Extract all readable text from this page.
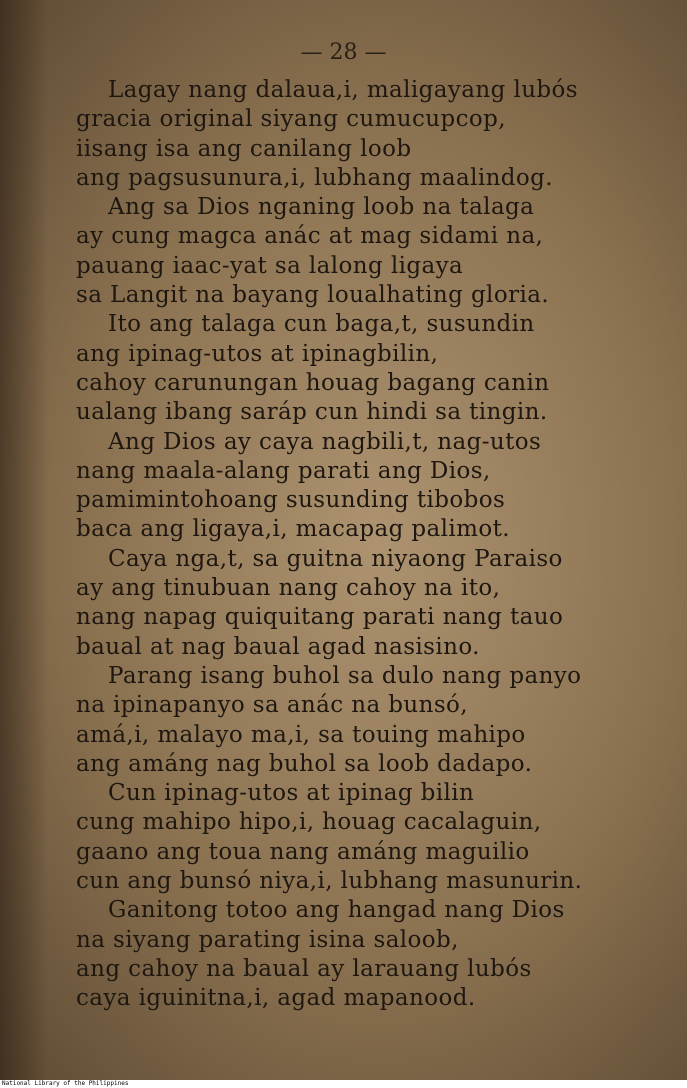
— 28 —
Lagay nang dalaua,i, maligayang lubós
gracia original siyang cumucupcop,
iisang isa ang canilang loob
ang pagsusunura,i, lubhang maalindog.
Ang sa Dios nganing loob na talaga
ay cung magca anác at mag sidami na,
pauang iaac-yat sa lalong ligaya
sa Langit na bayang loualhating gloria.
Ito ang talaga cun baga,t, susundin
ang ipinag-utos at ipinagbilin,
cahoy carunungan houag bagang canin
ualang ibang saráp cun hindi sa tingin.
Ang Dios ay caya nagbili,t, nag-utos
nang maala-alang parati ang Dios,
pamimintohoang susunding tibobos
baca ang ligaya,i, macapag palimot.
Caya nga,t, sa guitna niyaong Paraiso
ay ang tinubuan nang cahoy na ito,
nang napag quiquitang parati nang tauo
baual at nag baual agad nasisino.
Parang isang buhol sa dulo nang panyo
na ipinapanyo sa anác na bunsó,
amá,i, malayo ma,i, sa touing mahipo
ang amáng nag buhol sa loob dadapo.
Cun ipinag-utos at ipinag bilin
cung mahipo hipo,i, houag cacalaguin,
gaano ang toua nang amáng maguilio
cun ang bunsó niya,i, lubhang masunurin.
Ganitong totoo ang hangad nang Dios
na siyang parating isina saloob,
ang cahoy na baual ay larauang lubós
caya iguinitna,i, agad mapanood.
National Library of the Philippines
